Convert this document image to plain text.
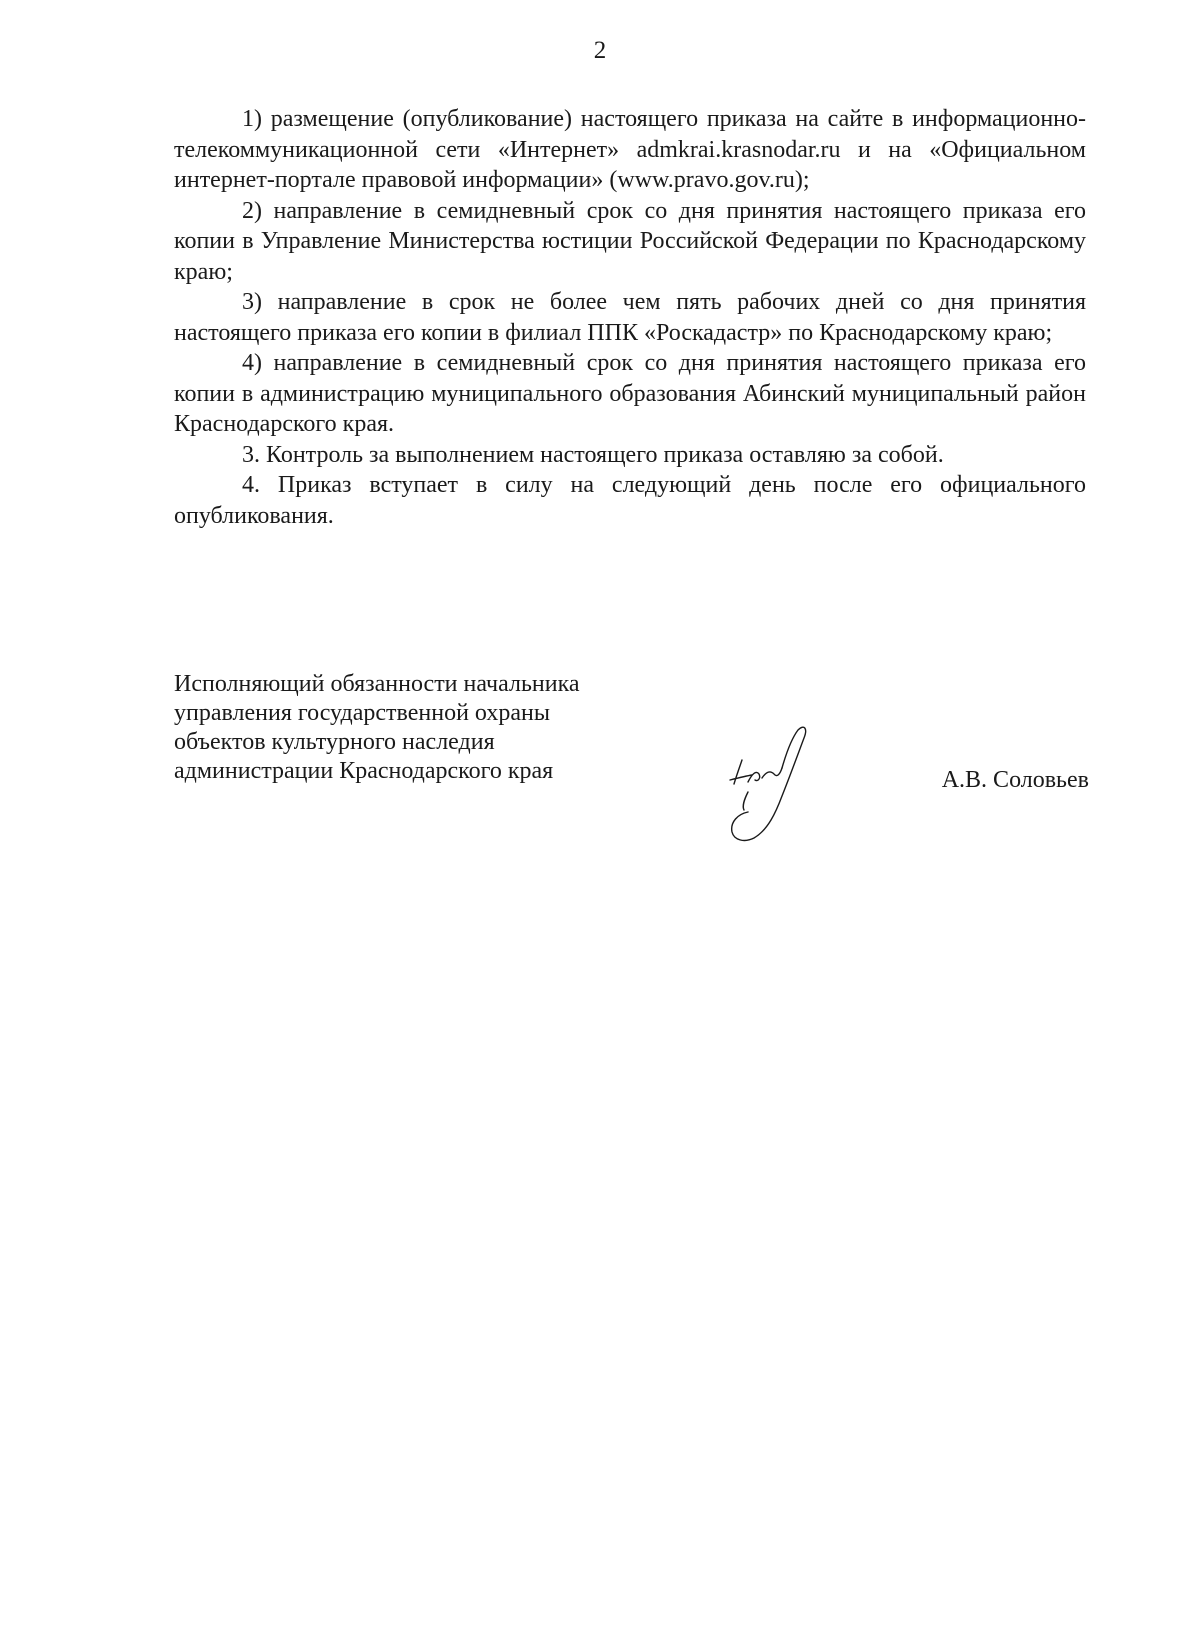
2

1) размещение (опубликование) настоящего приказа на сайте в информационно-телекоммуникационной сети «Интернет» admkrai.krasnodar.ru и на «Официальном интернет-портале правовой информации» (www.pravo.gov.ru);

2) направление в семидневный срок со дня принятия настоящего приказа его копии в Управление Министерства юстиции Российской Федерации по Краснодарскому краю;

3) направление в срок не более чем пять рабочих дней со дня принятия настоящего приказа его копии в филиал ППК «Роскадастр» по Краснодарскому краю;

4) направление в семидневный срок со дня принятия настоящего приказа его копии в администрацию муниципального образования Абинский муниципальный район Краснодарского края.

3. Контроль за выполнением настоящего приказа оставляю за собой.

4. Приказ вступает в силу на следующий день после его официального опубликования.

Исполняющий обязанности начальника
управления государственной охраны
объектов культурного наследия
администрации Краснодарского края	А.В. Соловьев
